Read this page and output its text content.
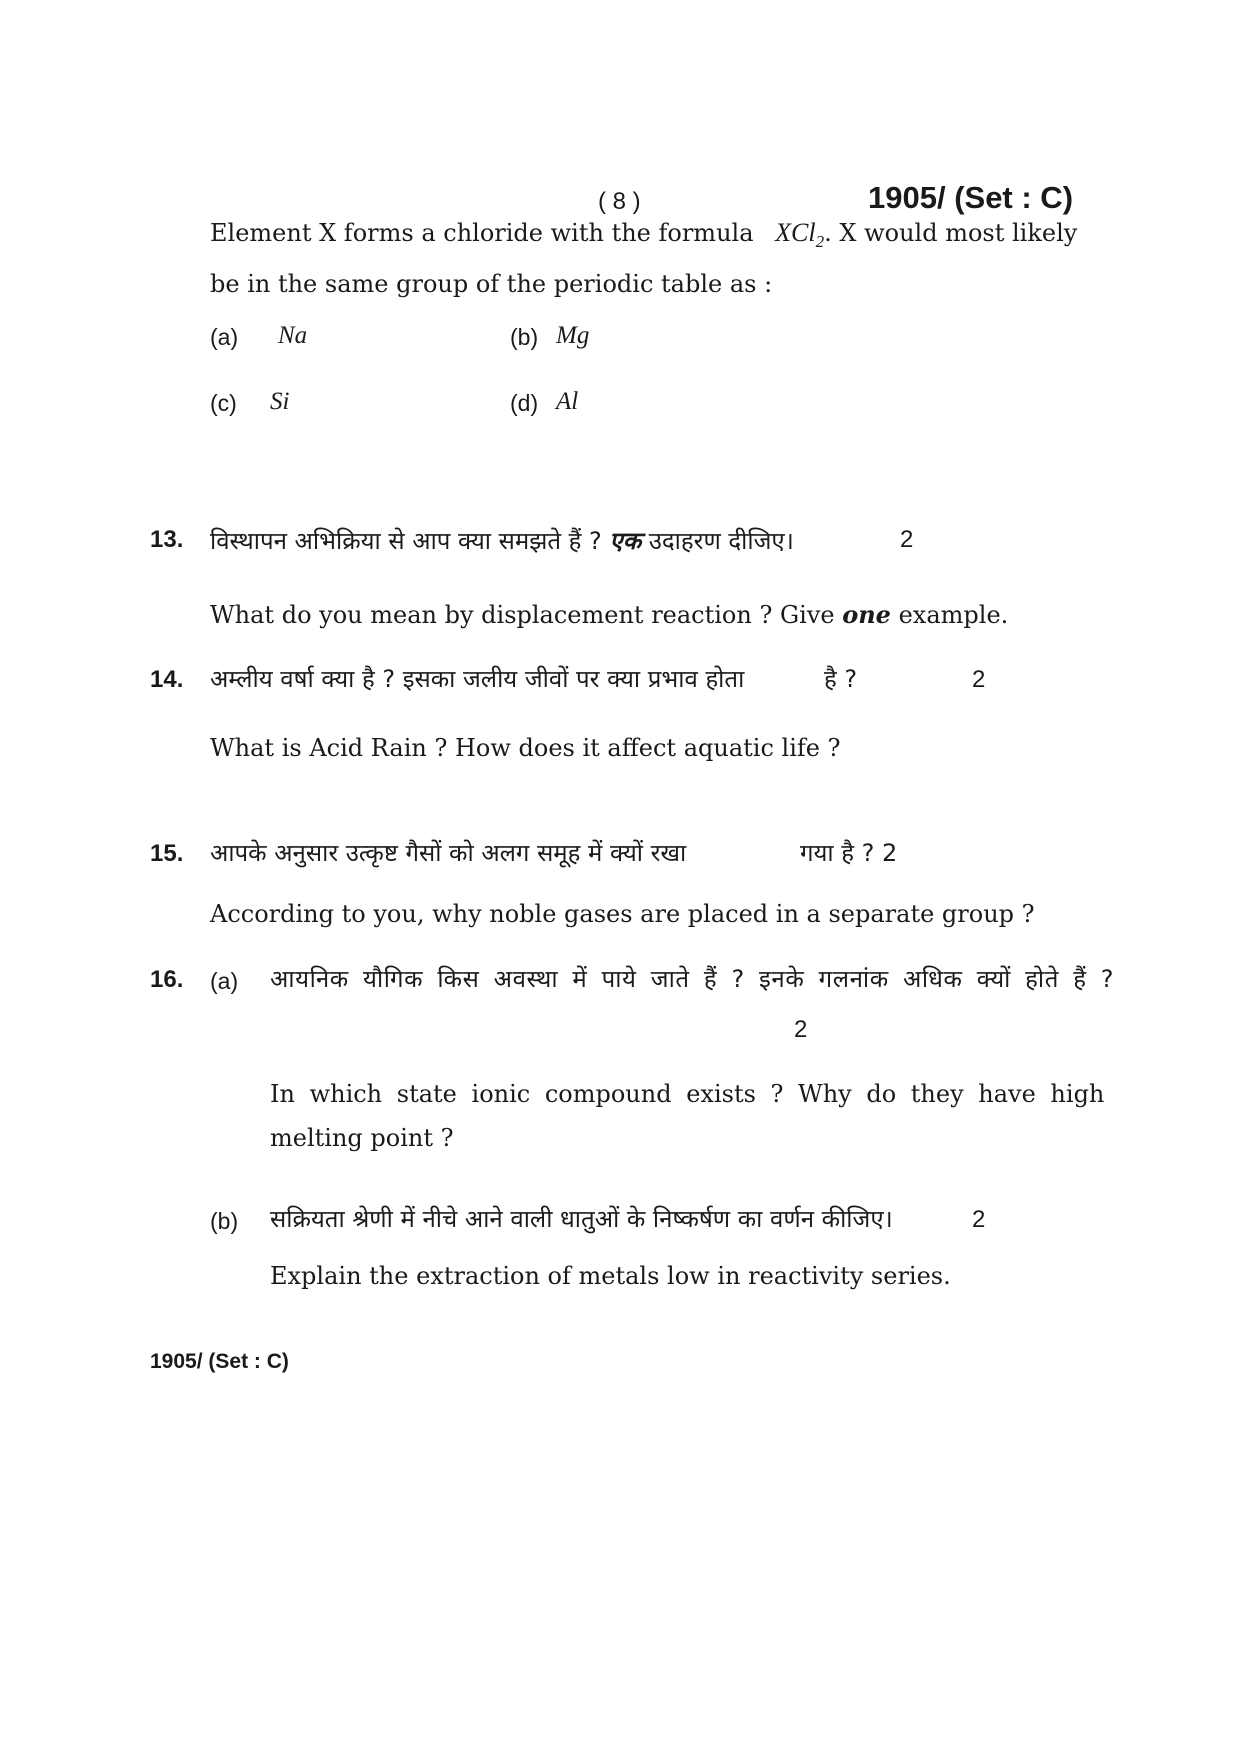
( 8 )	1905/ (Set : C)
Element X forms a chloride with the formula XCl$_2$. X would most likely
be in the same group of the periodic table as :
(a) Na	(b) Mg
(c) Si	(d) Al
13. विस्थापन अभिक्रिया से आप क्या समझते हैं ? एक उदाहरण दीजिए।	2
What do you mean by displacement reaction ? Give one example.
14. अम्लीय वर्षा क्या है ? इसका जलीय जीवों पर क्या प्रभाव होता	है ?	2
What is Acid Rain ? How does it affect aquatic life ?
15. आपके अनुसार उत्कृष्ट गैसों को अलग समूह में क्यों रखा	गया है ? 2
According to you, why noble gases are placed in a separate group ?
16. (a) आयनिक यौगिक किस अवस्था में पाये जाते हैं ? इनके गलनांक अधिक क्यों होते हैं ?
2
In which state ionic compound exists ? Why do they have high
melting point ?
(b) सक्रियता श्रेणी में नीचे आने वाली धातुओं के निष्कर्षण का वर्णन कीजिए।	2
Explain the extraction of metals low in reactivity series.
1905/ (Set : C)
